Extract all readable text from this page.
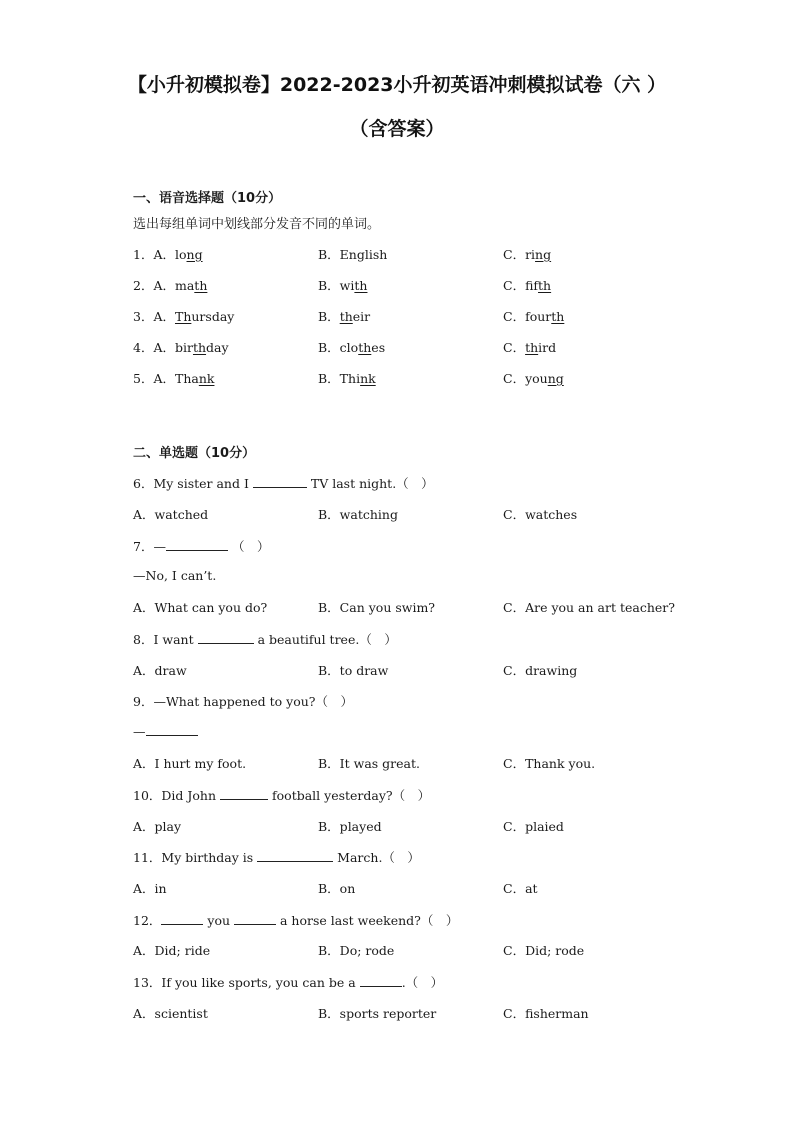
【小升初模拟卷】2022-2023小升初英语冲刺模拟试卷（六 ）
（含答案）
一、语音选择题（10分）
选出每组单词中划线部分发音不同的单词。
1．A．long	B．English	C．ring
2．A．math	B．with	C．fifth
3．A．Thursday	B．their	C．fourth
4．A．birthday	B．clothes	C．third
5．A．Thank	B．Think	C．young
二、单选题（10分）
6．My sister and I	TV last night.（　）
A．watched	B．watching	C．watches
7．—	（　）
—No, I can’t.
A．What can you do?	B．Can you swim?	C．Are you an art teacher?
8．I want	a beautiful tree.（　）
A．draw	B．to draw	C．drawing
9．—What happened to you?（　）
—
A．I hurt my foot.	B．It was great.	C．Thank you.
10．Did John	football yesterday?（　）
A．play	B．played	C．plaied
11．My birthday is	March.（　）
A．in	B．on	C．at
12．	you	a horse last weekend?（　）
A．Did; ride	B．Do; rode	C．Did; rode
13．If you like sports, you can be a	.（　）
A．scientist	B．sports reporter	C．fisherman
